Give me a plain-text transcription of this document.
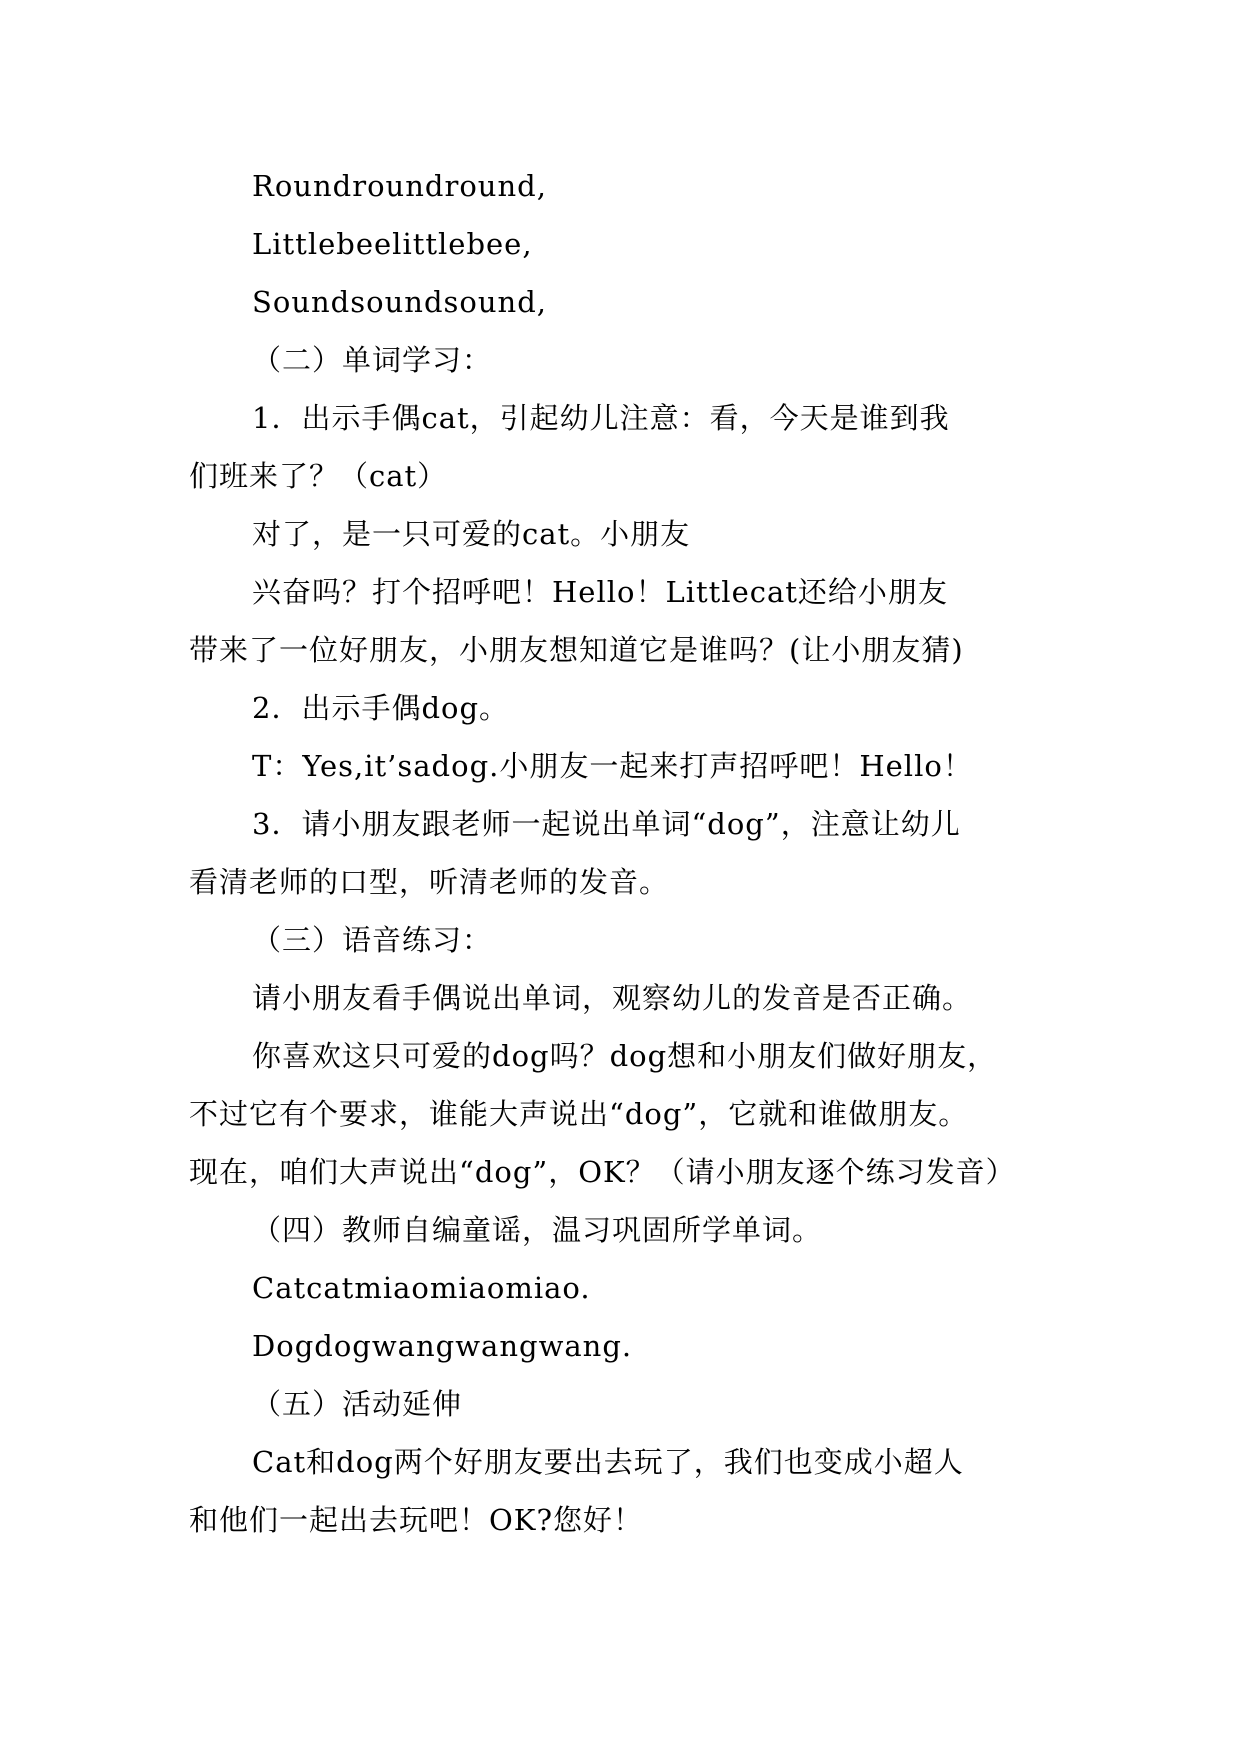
Roundroundround,
Littlebeelittlebee,
Soundsoundsound,
（二）单词学习：
1．出示手偶cat，引起幼儿注意：看，今天是谁到我
们班来了？（cat）
对了，是一只可爱的cat。小朋友
兴奋吗？打个招呼吧！Hello！Littlecat还给小朋友
带来了一位好朋友，小朋友想知道它是谁吗？(让小朋友猜)
2．出示手偶dog。
T：Yes,it’sadog.小朋友一起来打声招呼吧！Hello！
3．请小朋友跟老师一起说出单词“dog”，注意让幼儿
看清老师的口型，听清老师的发音。
（三）语音练习：
请小朋友看手偶说出单词，观察幼儿的发音是否正确。
你喜欢这只可爱的dog吗？dog想和小朋友们做好朋友，
不过它有个要求，谁能大声说出“dog”，它就和谁做朋友。
现在，咱们大声说出“dog”，OK？（请小朋友逐个练习发音）
（四）教师自编童谣，温习巩固所学单词。
Catcatmiaomiaomiao.
Dogdogwangwangwang.
（五）活动延伸
Cat和dog两个好朋友要出去玩了，我们也变成小超人
和他们一起出去玩吧！OK?您好！
